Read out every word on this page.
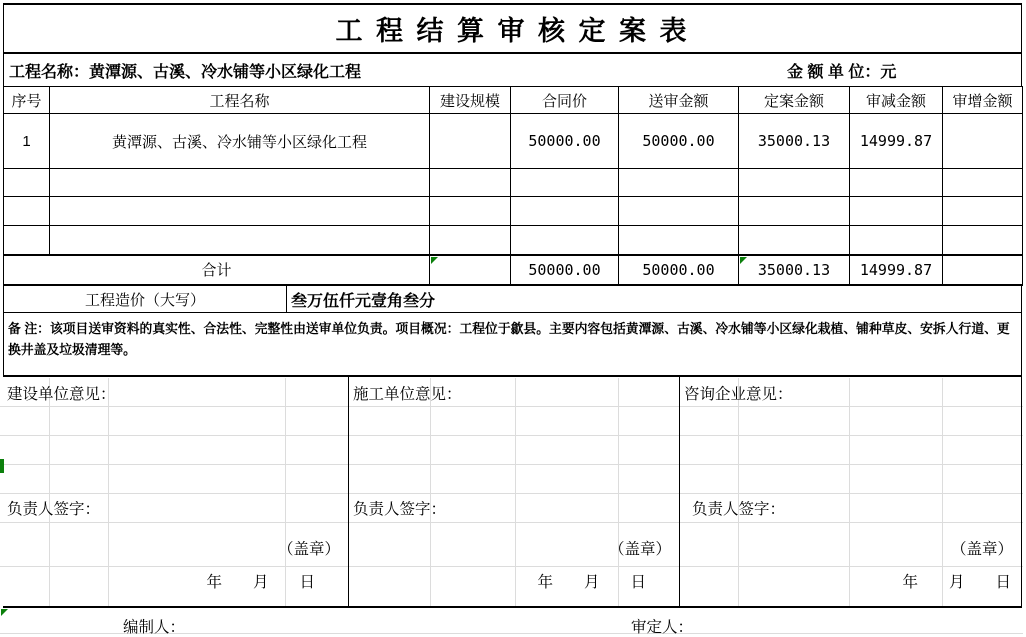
工 程 结 算 审 核 定 案 表
工程名称：黄潭源、古溪、冷水铺等小区绿化工程	金 额 单 位：元
序号	工程名称	建设规模	合同价	送审金额	定案金额	审减金额	审增金额
1	黄潭源、古溪、冷水铺等小区绿化工程		50000.00	50000.00	35000.13	14999.87	

合计			50000.00	50000.00	35000.13	14999.87	
工程造价（大写）	叁万伍仟元壹角叁分
备 注：该项目送审资料的真实性、合法性、完整性由送审单位负责。项目概况：工程位于歙县。主要内容包括黄潭源、古溪、冷水铺等小区绿化栽植、铺种草皮、安拆人行道、更换井盖及垃圾清理等。
建设单位意见：
负责人签字：
（盖章）
年　　月　　日
施工单位意见：
负责人签字：
（盖章）
年　　月　　日
咨询企业意见：
负责人签字：
（盖章）
年　　月　　日
编制人：	审定人：
